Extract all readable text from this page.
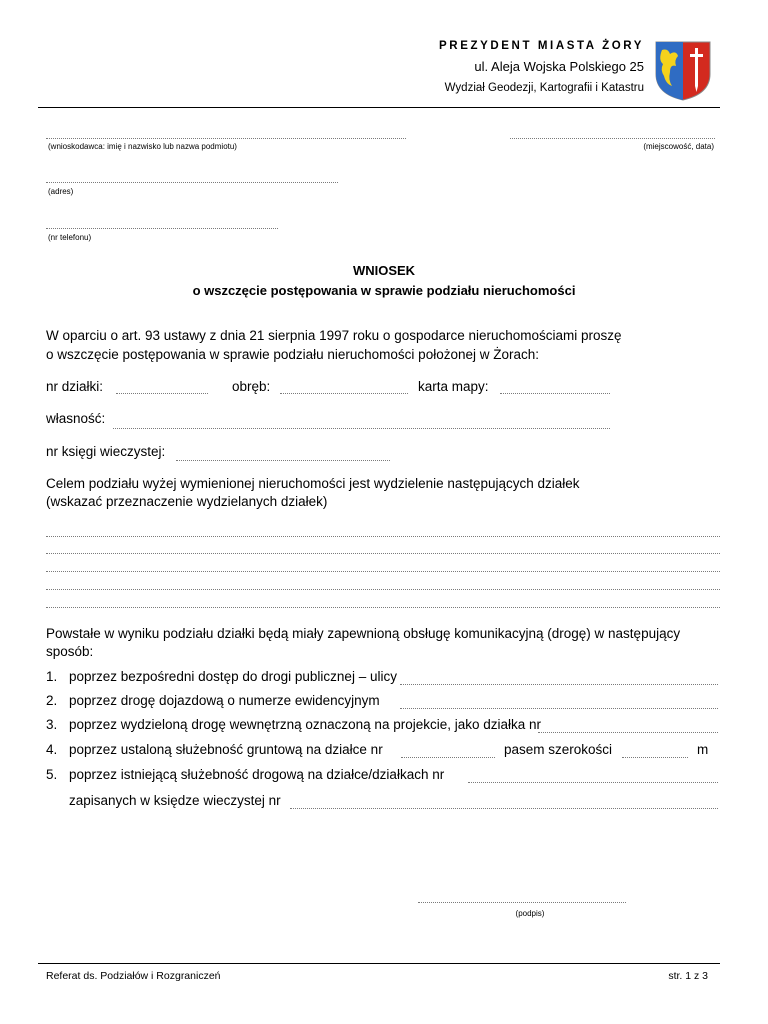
PREZYDENT MIASTA ŻORY
ul. Aleja Wojska Polskiego 25
Wydział Geodezji, Kartografii i Katastru
(wnioskodawca: imię i nazwisko lub nazwa podmiotu)	(miejscowość, data)
(adres)
(nr telefonu)
WNIOSEK
o wszczęcie postępowania w sprawie podziału nieruchomości
W oparciu o art. 93 ustawy z dnia 21 sierpnia 1997 roku o gospodarce nieruchomościami proszę
o wszczęcie postępowania w sprawie podziału nieruchomości położonej w Żorach:
nr działki:	obręb:	karta mapy:
własność:
nr księgi wieczystej:
Celem podziału wyżej wymienionej nieruchomości jest wydzielenie następujących działek
(wskazać przeznaczenie wydzielanych działek)
Powstałe w wyniku podziału działki będą miały zapewnioną obsługę komunikacyjną (drogę) w następujący
sposób:
1. poprzez bezpośredni dostęp do drogi publicznej – ulicy
2. poprzez drogę dojazdową o numerze ewidencyjnym
3. poprzez wydzieloną drogę wewnętrzną oznaczoną na projekcie, jako działka nr
4. poprzez ustaloną służebność gruntową na działce nr	pasem szerokości	m
5. poprzez istniejącą służebność drogową na działce/działkach nr
zapisanych w księdze wieczystej nr
(podpis)
Referat ds. Podziałów i Rozgraniczeń	str. 1 z 3
